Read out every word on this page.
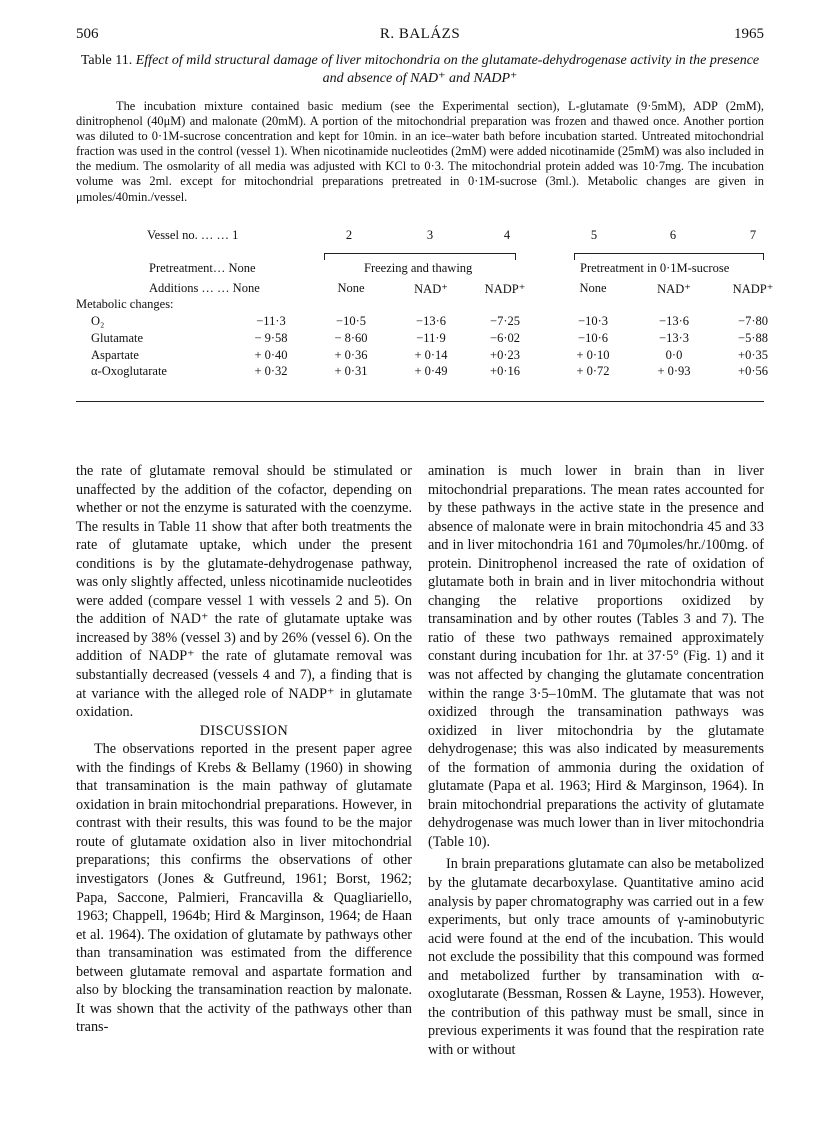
506	R. BALÁZS	1965
Table 11. Effect of mild structural damage of liver mitochondria on the glutamate-dehydrogenase activity in the presence and absence of NAD⁺ and NADP⁺
The incubation mixture contained basic medium (see the Experimental section), L-glutamate (9·5mM), ADP (2mM), dinitrophenol (40μM) and malonate (20mM). A portion of the mitochondrial preparation was frozen and thawed once. Another portion was diluted to 0·1M-sucrose concentration and kept for 10min. in an ice–water bath before incubation started. Untreated mitochondrial fraction was used in the control (vessel 1). When nicotinamide nucleotides (2mM) were added nicotinamide (25mM) was also included in the medium. The osmolarity of all media was adjusted with KCl to 0·3. The mitochondrial protein added was 10·7mg. The incubation volume was 2ml. except for mitochondrial preparations pretreated in 0·1M-sucrose (3ml.). Metabolic changes are given in μmoles/40min./vessel.
Vessel no. … … 1	2	3	4	5	6	7
Pretreatment… None	Freezing and thawing	Pretreatment in 0·1M-sucrose
Additions … … None	None	NAD⁺	NADP⁺	None	NAD⁺	NADP⁺
Metabolic changes:
O₂	−11·3	−10·5	−13·6	−7·25	−10·3	−13·6	−7·80
Glutamate	− 9·58	− 8·60	−11·9	−6·02	−10·6	−13·3	−5·88
Aspartate	+ 0·40	+ 0·36	+ 0·14	+0·23	+ 0·10	0·0	+0·35
α-Oxoglutarate	+ 0·32	+ 0·31	+ 0·49	+0·16	+ 0·72	+ 0·93	+0·56

the rate of glutamate removal should be stimulated or unaffected by the addition of the cofactor, depending on whether or not the enzyme is saturated with the coenzyme. The results in Table 11 show that after both treatments the rate of glutamate uptake, which under the present conditions is by the glutamate-dehydrogenase pathway, was only slightly affected, unless nicotinamide nucleotides were added (compare vessel 1 with vessels 2 and 5). On the addition of NAD⁺ the rate of glutamate uptake was increased by 38% (vessel 3) and by 26% (vessel 6). On the addition of NADP⁺ the rate of glutamate removal was substantially decreased (vessels 4 and 7), a finding that is at variance with the alleged role of NADP⁺ in glutamate oxidation.

DISCUSSION

The observations reported in the present paper agree with the findings of Krebs & Bellamy (1960) in showing that transamination is the main pathway of glutamate oxidation in brain mitochondrial preparations. However, in contrast with their results, this was found to be the major route of glutamate oxidation also in liver mitochondrial preparations; this confirms the observations of other investigators (Jones & Gutfreund, 1961; Borst, 1962; Papa, Saccone, Palmieri, Francavilla & Quagliariello, 1963; Chappell, 1964b; Hird & Marginson, 1964; de Haan et al. 1964). The oxidation of glutamate by pathways other than transamination was estimated from the difference between glutamate removal and aspartate formation and also by blocking the transamination reaction by malonate. It was shown that the activity of the pathways other than trans-

amination is much lower in brain than in liver mitochondrial preparations. The mean rates accounted for by these pathways in the active state in the presence and absence of malonate were in brain mitochondria 45 and 33 and in liver mitochondria 161 and 70μmoles/hr./100mg. of protein. Dinitrophenol increased the rate of oxidation of glutamate both in brain and in liver mitochondria without changing the relative proportions oxidized by transamination and by other routes (Tables 3 and 7). The ratio of these two pathways remained approximately constant during incubation for 1hr. at 37·5° (Fig. 1) and it was not affected by changing the glutamate concentration within the range 3·5–10mM. The glutamate that was not oxidized through the transamination pathways was oxidized in liver mitochondria by the glutamate dehydrogenase; this was also indicated by measurements of the formation of ammonia during the oxidation of glutamate (Papa et al. 1963; Hird & Marginson, 1964). In brain mitochondrial preparations the activity of glutamate dehydrogenase was much lower than in liver mitochondria (Table 10).

In brain preparations glutamate can also be metabolized by the glutamate decarboxylase. Quantitative amino acid analysis by paper chromatography was carried out in a few experiments, but only trace amounts of γ-aminobutyric acid were found at the end of the incubation. This would not exclude the possibility that this compound was formed and metabolized further by transamination with α-oxoglutarate (Bessman, Rossen & Layne, 1953). However, the contribution of this pathway must be small, since in previous experiments it was found that the respiration rate with or without
